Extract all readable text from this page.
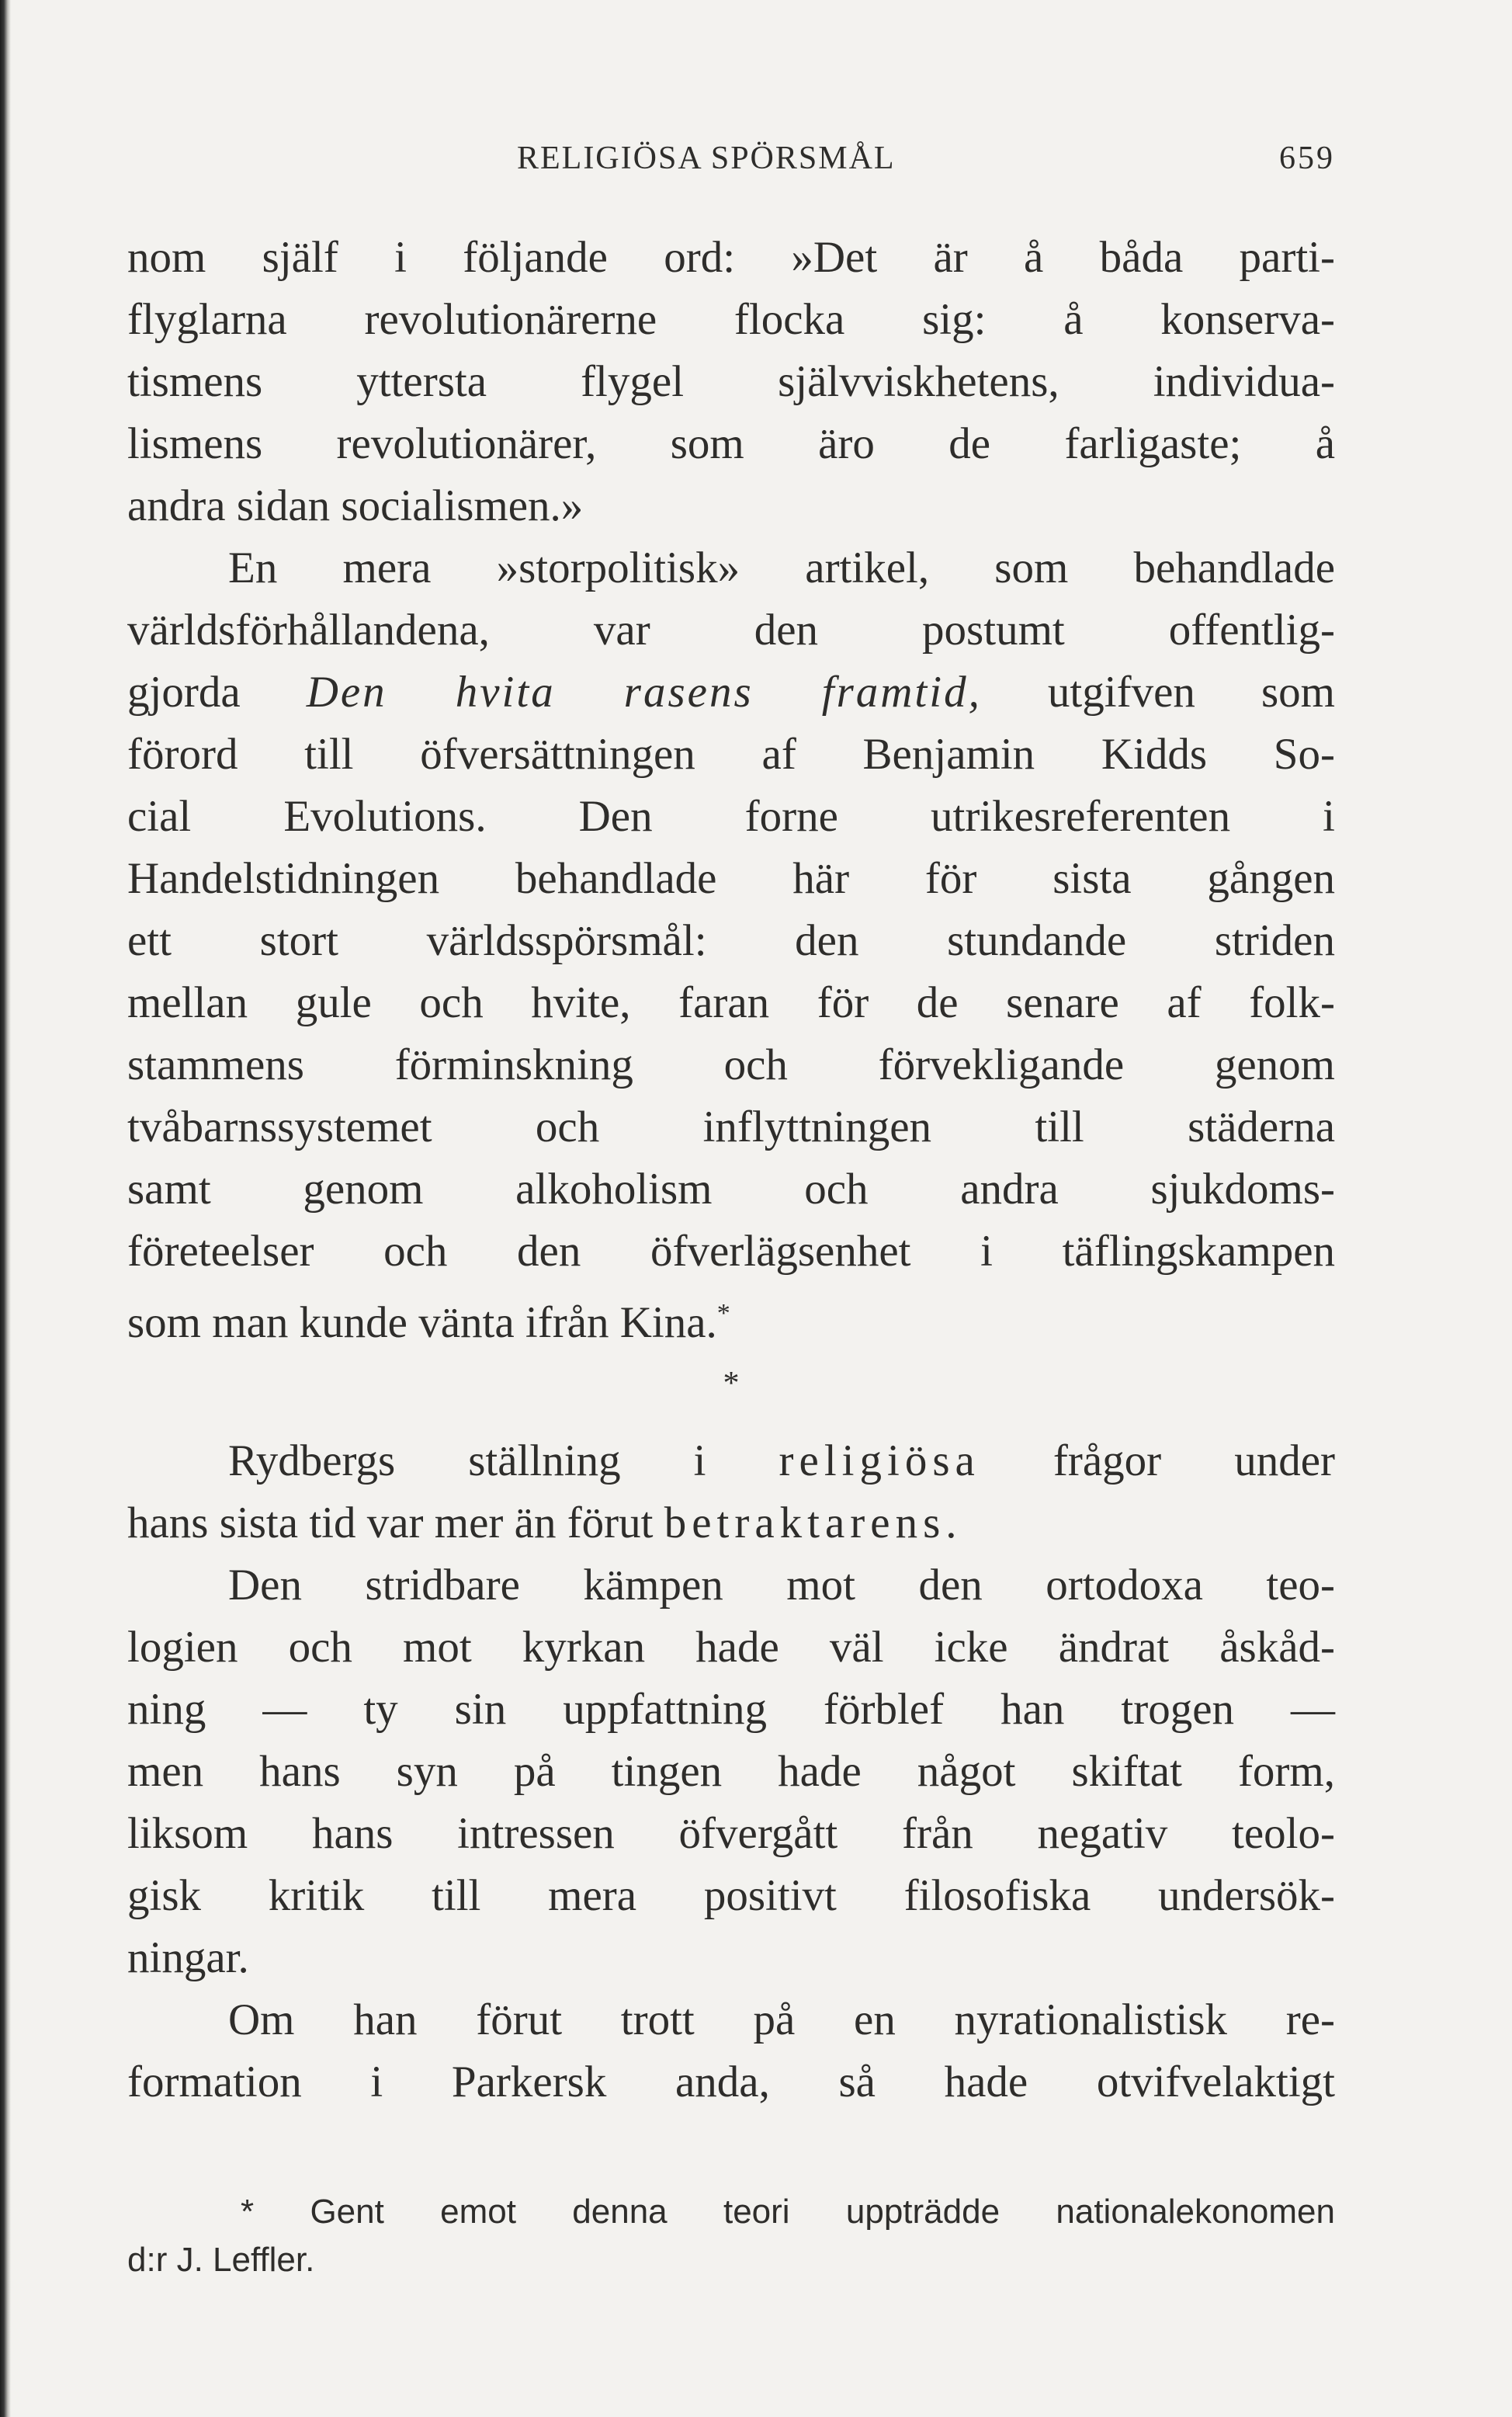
RELIGIÖSA SPÖRSMÅL	659
nom själf i följande ord: »Det är å båda parti-
flyglarna revolutionärerne flocka sig: å konserva-
tismens yttersta flygel självviskhetens, individua-
lismens revolutionärer, som äro de farligaste; å
andra sidan socialismen.»
En mera »storpolitisk» artikel, som behandlade
världsförhållandena, var den postumt offentlig-
gjorda Den hvita rasens framtid, utgifven som
förord till öfversättningen af Benjamin Kidds So-
cial Evolutions. Den forne utrikesreferenten i
Handelstidningen behandlade här för sista gången
ett stort världsspörsmål: den stundande striden
mellan gule och hvite, faran för de senare af folk-
stammens förminskning och förvekligande genom
tvåbarnssystemet och inflyttningen till städerna
samt genom alkoholism och andra sjukdoms-
företeelser och den öfverlägsenhet i täflingskampen
som man kunde vänta ifrån Kina.*
*
Rydbergs ställning i religiösa frågor under
hans sista tid var mer än förut betraktarens.
Den stridbare kämpen mot den ortodoxa teo-
logien och mot kyrkan hade väl icke ändrat åskåd-
ning — ty sin uppfattning förblef han trogen —
men hans syn på tingen hade något skiftat form,
liksom hans intressen öfvergått från negativ teolo-
gisk kritik till mera positivt filosofiska undersök-
ningar.
Om han förut trott på en nyrationalistisk re-
formation i Parkersk anda, så hade otvifvelaktigt
* Gent emot denna teori uppträdde nationalekonomen
d:r J. Leffler.
